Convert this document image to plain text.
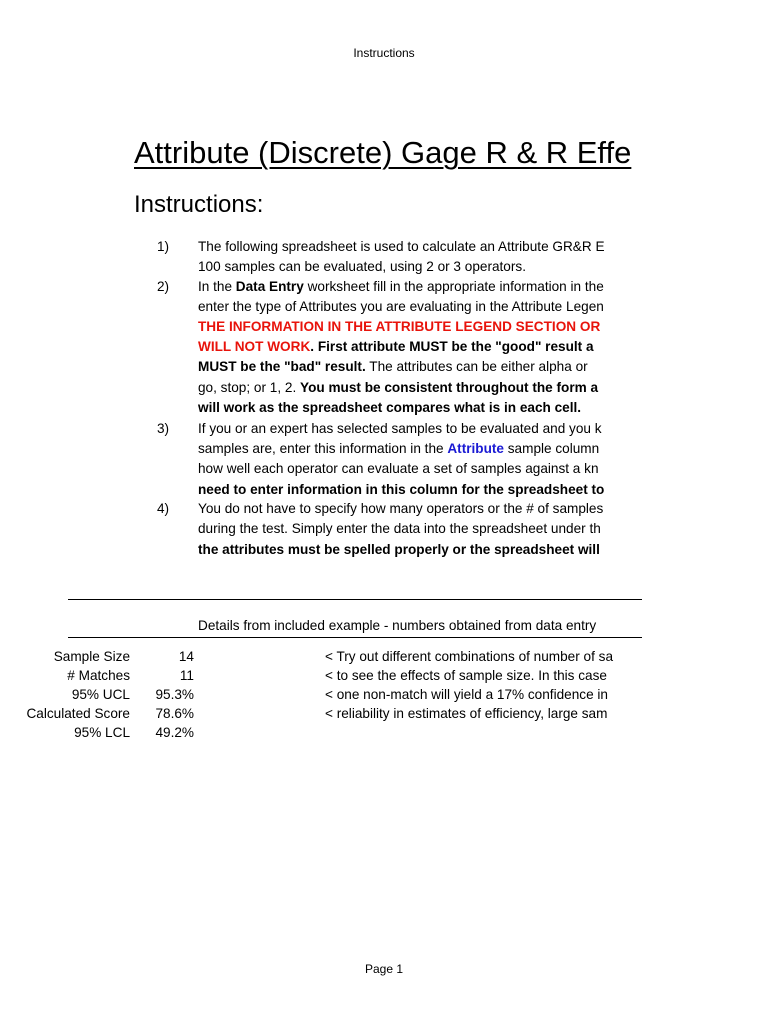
Instructions
Attribute (Discrete) Gage R & R Effe
Instructions:
1)
2)
3)
4)
The following spreadsheet is used to calculate an Attribute GR&R E
100 samples can be evaluated, using 2 or 3 operators.
In the Data Entry worksheet fill in the appropriate information in the
enter the type of Attributes you are evaluating in the Attribute Legen
THE INFORMATION IN THE ATTRIBUTE LEGEND SECTION OR
WILL NOT WORK. First attribute MUST be the "good" result a
MUST be the "bad" result. The attributes can be either alpha or
go, stop; or 1, 2. You must be consistent throughout the form a
will work as the spreadsheet compares what is in each cell.
If you or an expert has selected samples to be evaluated and you k
samples are, enter this information in the Attribute sample column
how well each operator can evaluate a set of samples against a kn
need to enter information in this column for the spreadsheet to
You do not have to specify how many operators or the # of samples
during the test. Simply enter the data into the spreadsheet under th
the attributes must be spelled properly or the spreadsheet will
Details from included example - numbers obtained from data entry
Sample Size	14	< Try out different combinations of number of sa
# Matches	11	< to see the effects of sample size. In this case
95% UCL 95.3%	< one non-match will yield a 17% confidence in
Calculated Score 78.6%	< reliability in estimates of efficiency, large sam
95% LCL 49.2%
Page 1
